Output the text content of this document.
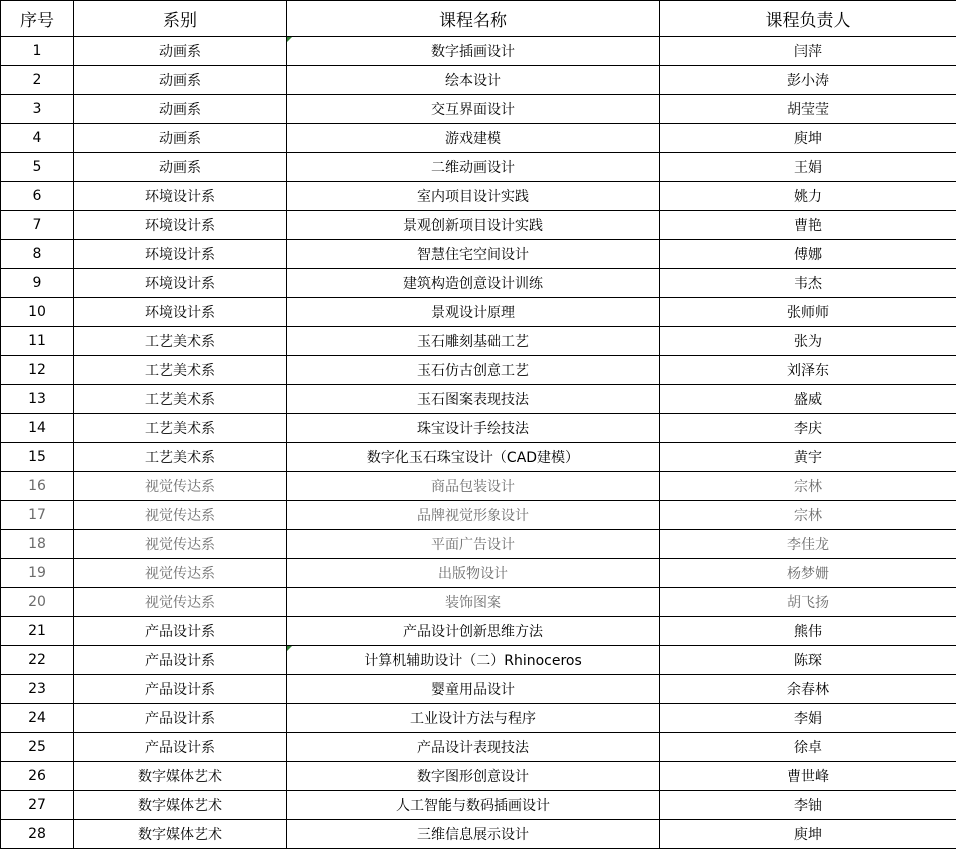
序号	系别	课程名称	课程负责人
1	动画系	数字插画设计	闫萍
2	动画系	绘本设计	彭小涛
3	动画系	交互界面设计	胡莹莹
4	动画系	游戏建模	庾坤
5	动画系	二维动画设计	王娟
6	环境设计系	室内项目设计实践	姚力
7	环境设计系	景观创新项目设计实践	曹艳
8	环境设计系	智慧住宅空间设计	傅娜
9	环境设计系	建筑构造创意设计训练	韦杰
10	环境设计系	景观设计原理	张师师
11	工艺美术系	玉石雕刻基础工艺	张为
12	工艺美术系	玉石仿古创意工艺	刘泽东
13	工艺美术系	玉石图案表现技法	盛威
14	工艺美术系	珠宝设计手绘技法	李庆
15	工艺美术系	数字化玉石珠宝设计（CAD建模）	黄宇
16	视觉传达系	商品包装设计	宗林
17	视觉传达系	品牌视觉形象设计	宗林
18	视觉传达系	平面广告设计	李佳龙
19	视觉传达系	出版物设计	杨梦姗
20	视觉传达系	装饰图案	胡飞扬
21	产品设计系	产品设计创新思维方法	熊伟
22	产品设计系	计算机辅助设计（二）Rhinoceros	陈琛
23	产品设计系	婴童用品设计	余春林
24	产品设计系	工业设计方法与程序	李娟
25	产品设计系	产品设计表现技法	徐卓
26	数字媒体艺术	数字图形创意设计	曹世峰
27	数字媒体艺术	人工智能与数码插画设计	李铀
28	数字媒体艺术	三维信息展示设计	庾坤
